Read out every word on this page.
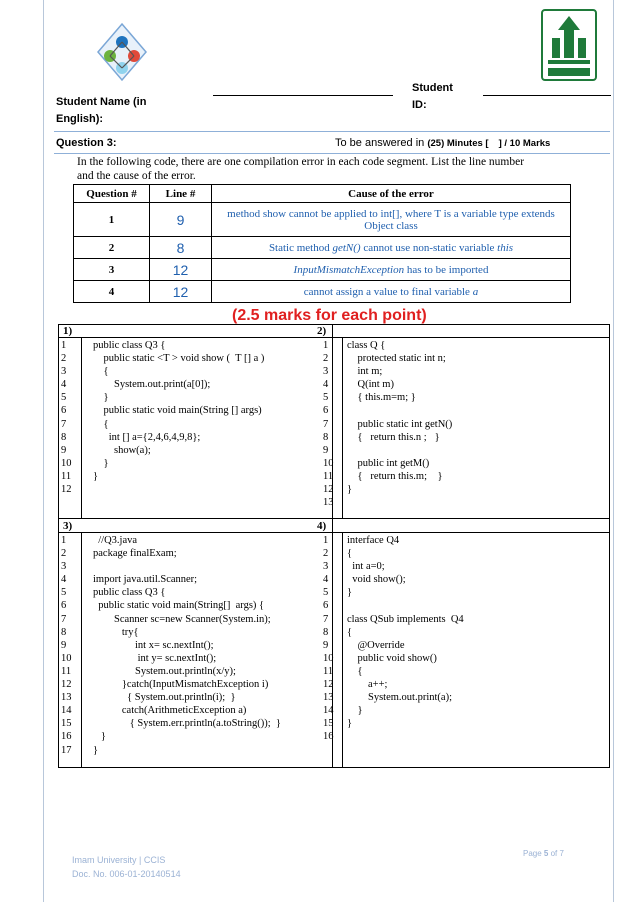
Student Name (in
English):
Student
ID:
Question 3:	To be answered in (25) Minutes [ ] / 10 Marks
In the following code, there are one compilation error in each code segment. List the line number
and the cause of the error.
Question #	Line #	Cause of the error
1	9	method show cannot be applied to int[], where T is a variable type extends Object class
2	8	Static method getN() cannot use non-static variable this
3	12	InputMismatchException has to be imported
4	12	cannot assign a value to final variable a
(2.5 marks for each point)
1)	2)
3)	4)
1
2
3
4
5
6
7
8
9
10
11
12
public class Q3 {
public static <T > void show (  T [] a )
{
System.out.print(a[0]);
}
public static void main(String [] args)
{
int [] a={2,4,6,4,9,8};
show(a);
}
}
1
2
3
4
5
6
7
8
9
10
11
12
13
class Q {
protected static int n;
int m;
Q(int m)
{ this.m=m; }
public static int getN()
{   return this.n ;   }
public int getM()
{   return this.m;    }
}
1
2
3
4
5
6
7
8
9
10
11
12
13
14
15
16
17
//Q3.java
package finalExam;
import java.util.Scanner;
public class Q3 {
public static void main(String[]  args) {
Scanner sc=new Scanner(System.in);
try{
int x= sc.nextInt();
int y= sc.nextInt();
System.out.println(x/y);
}catch(InputMismatchException i)
{ System.out.println(i);  }
catch(ArithmeticException a)
{ System.err.println(a.toString());  }
}
}
1
2
3
4
5
6
7
8
9
10
11
12
13
14
15
16
interface Q4
{
int a=0;
void show();
}
class QSub implements  Q4
{
@Override
public void show()
{
a++;
System.out.print(a);
}
}
Imam University | CCIS
Doc. No. 006-01-20140514
Page 5 of 7
